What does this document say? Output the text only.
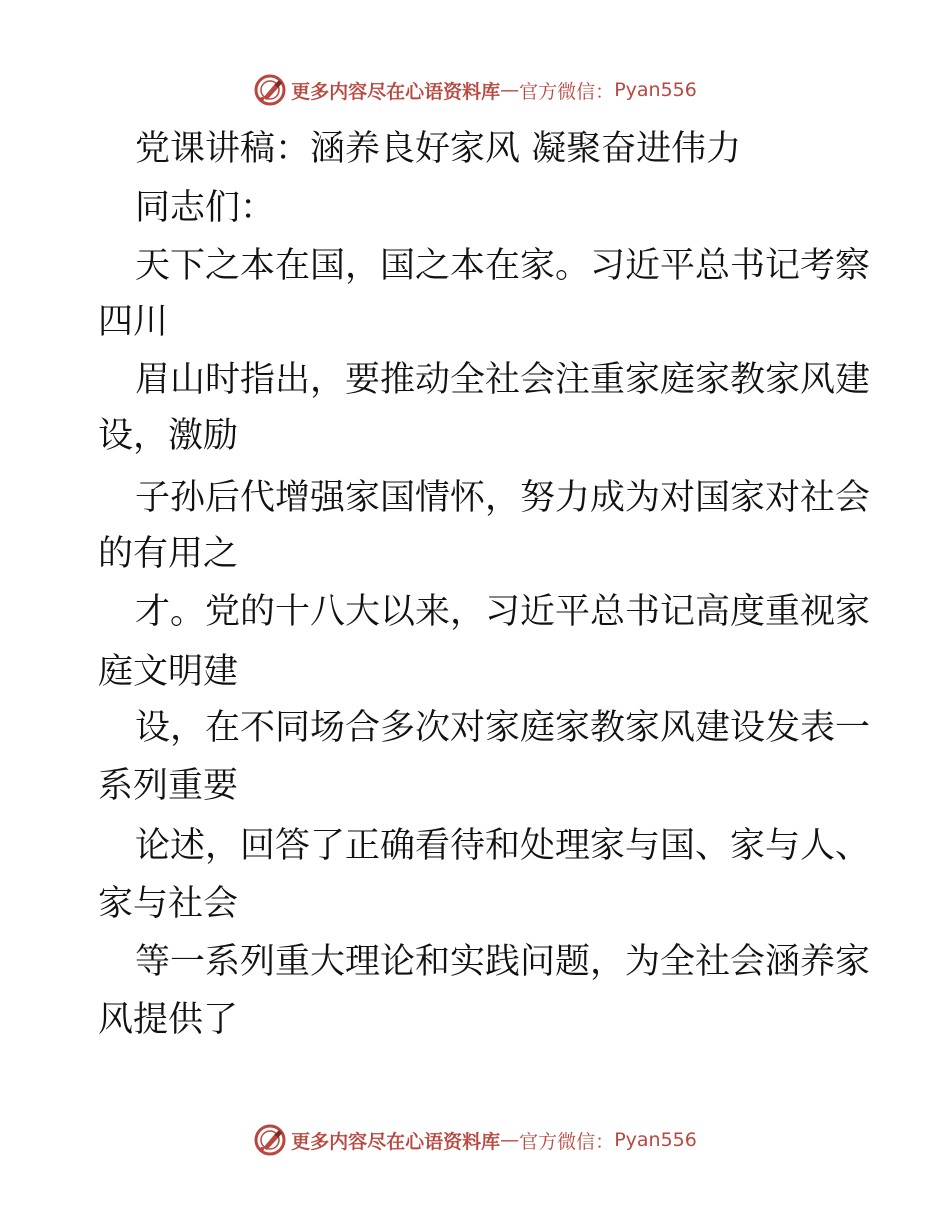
更多内容尽在心语资料库 — 官方微信： Pyan556
党课讲稿：涵养良好家风 凝聚奋进伟力
同志们：
天下之本在国，国之本在家。习近平总书记考察
四川
眉山时指出，要推动全社会注重家庭家教家风建
设，激励
子孙后代增强家国情怀，努力成为对国家对社会
的有用之
才。党的十八大以来，习近平总书记高度重视家
庭文明建
设，在不同场合多次对家庭家教家风建设发表一
系列重要
论述，回答了正确看待和处理家与国、家与人、
家与社会
等一系列重大理论和实践问题，为全社会涵养家
风提供了
更多内容尽在心语资料库 — 官方微信： Pyan556
